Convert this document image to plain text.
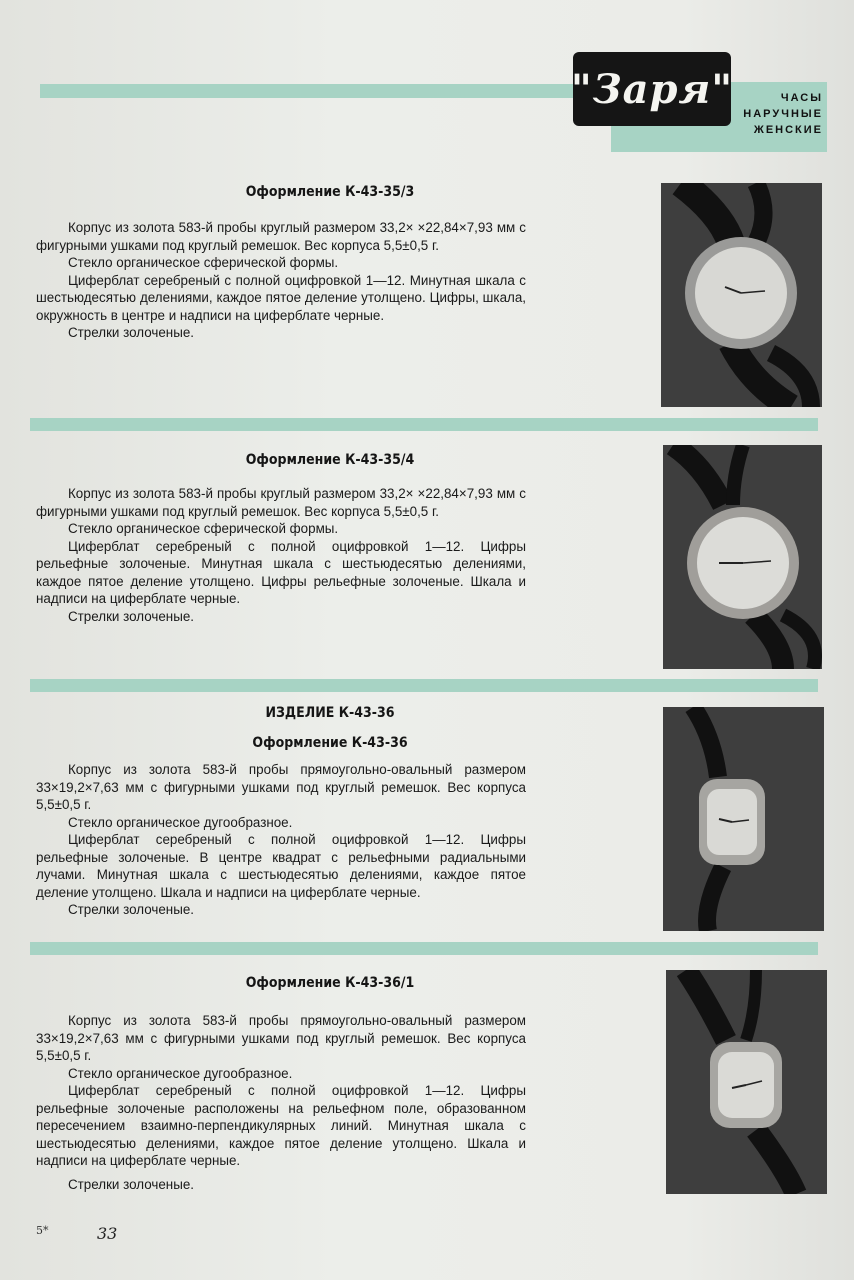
"Заря"	ЧАСЫ
НАРУЧНЫЕ
ЖЕНСКИЕ
Оформление К-43-35/3

Корпус из золота 583-й пробы круглый размером 33,2× ×22,84×7,93 мм с фигурными ушками под круглый ремешок. Вес корпуса 5,5±0,5 г.

Стекло органическое сферической формы.

Циферблат серебреный с полной оцифровкой 1—12. Минутная шкала с шестьюдесятью делениями, каждое пятое деление утолщено. Цифры, шкала, окружность в центре и надписи на циферблате черные.

Стрелки золоченые.

Оформление К-43-35/4

Корпус из золота 583-й пробы круглый размером 33,2× ×22,84×7,93 мм с фигурными ушками под круглый ремешок. Вес корпуса 5,5±0,5 г.

Стекло органическое сферической формы.

Циферблат серебреный с полной оцифровкой 1—12. Цифры рельефные золоченые. Минутная шкала с шестьюдесятью делениями, каждое пятое деление утолщено. Цифры рельефные золоченые. Шкала и надписи на циферблате черные.

Стрелки золоченые.

ИЗДЕЛИЕ К-43-36
Оформление К-43-36

Корпус из золота 583-й пробы прямоугольно-овальный размером 33×19,2×7,63 мм с фигурными ушками под круглый ремешок. Вес корпуса 5,5±0,5 г.

Стекло органическое дугообразное.

Циферблат серебреный с полной оцифровкой 1—12. Цифры рельефные золоченые. В центре квадрат с рельефными радиальными лучами. Минутная шкала с шестьюдесятью делениями, каждое пятое деление утолщено. Шкала и надписи на циферблате черные.

Стрелки золоченые.

Оформление К-43-36/1

Корпус из золота 583-й пробы прямоугольно-овальный размером 33×19,2×7,63 мм с фигурными ушками под круглый ремешок. Вес корпуса 5,5±0,5 г.

Стекло органическое дугообразное.

Циферблат серебреный с полной оцифровкой 1—12. Цифры рельефные золоченые расположены на рельефном поле, образованном пересечением взаимно-перпендикулярных линий. Минутная шкала с шестьюдесятью делениями, каждое пятое деление утолщено. Шкала и надписи на циферблате черные.

Стрелки золоченые.

5*	33
